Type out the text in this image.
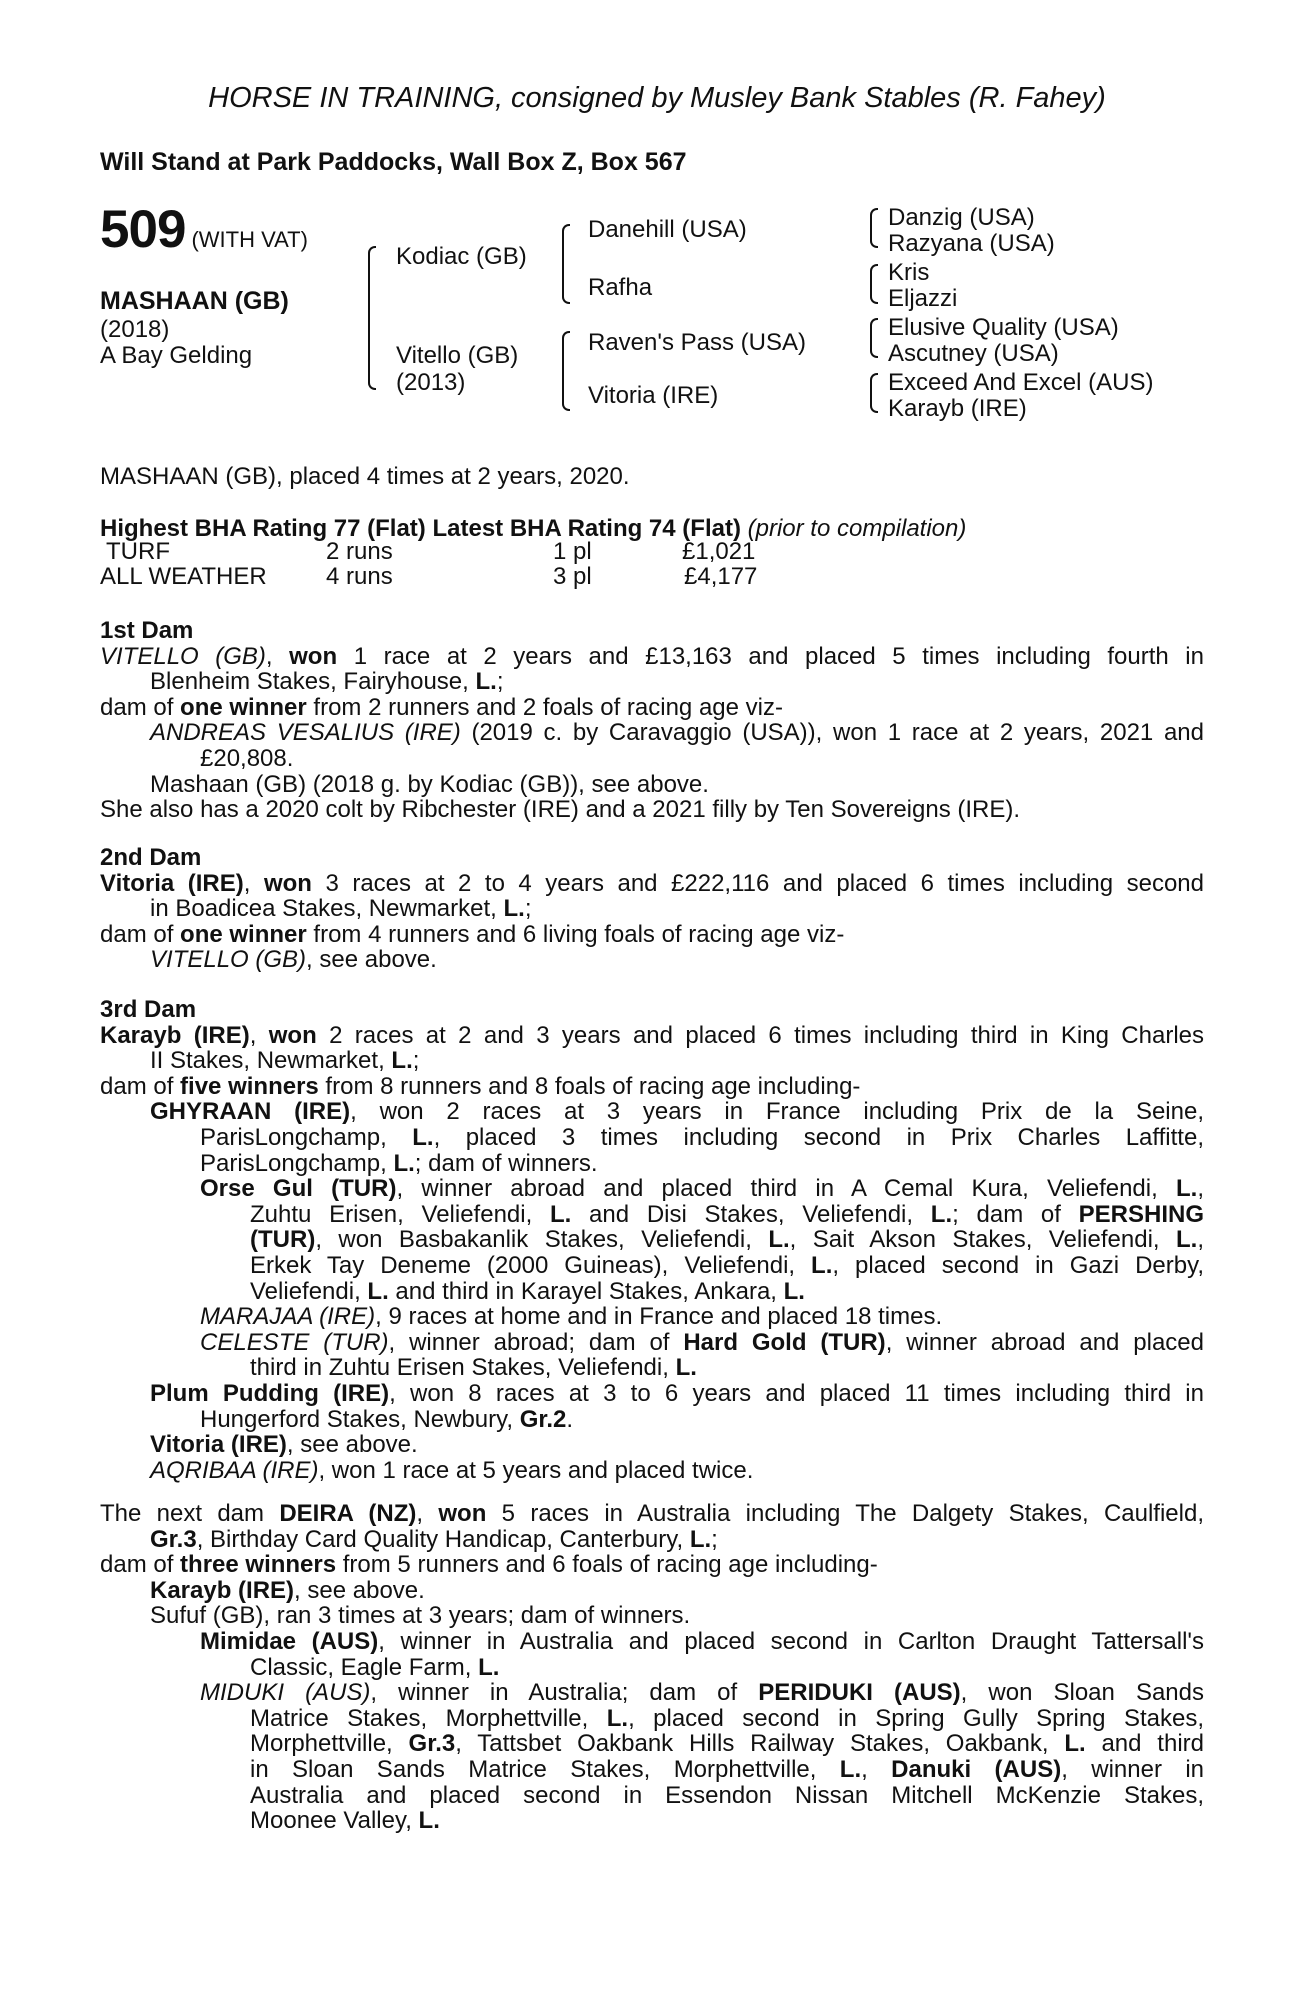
HORSE IN TRAINING, consigned by Musley Bank Stables (R. Fahey)
Will Stand at Park Paddocks, Wall Box Z, Box 567
509 (WITH VAT)
MASHAAN (GB)
(2018)
A Bay Gelding
Kodiac (GB)
Vitello (GB)
(2013)
Danehill (USA)
Rafha
Raven's Pass (USA)
Vitoria (IRE)
Danzig (USA)
Razyana (USA)
Kris
Eljazzi
Elusive Quality (USA)
Ascutney (USA)
Exceed And Excel (AUS)
Karayb (IRE)
MASHAAN (GB), placed 4 times at 2 years, 2020.
Highest BHA Rating 77 (Flat) Latest BHA Rating 74 (Flat) (prior to compilation)
TURF	2 runs	1 pl	£1,021
ALL WEATHER 4 runs	3 pl	£4,177
1st Dam
VITELLO (GB), won 1 race at 2 years and £13,163 and placed 5 times including fourth in
Blenheim Stakes, Fairyhouse, L.;
dam of one winner from 2 runners and 2 foals of racing age viz-
ANDREAS VESALIUS (IRE) (2019 c. by Caravaggio (USA)), won 1 race at 2 years, 2021 and
£20,808.
Mashaan (GB) (2018 g. by Kodiac (GB)), see above.
She also has a 2020 colt by Ribchester (IRE) and a 2021 filly by Ten Sovereigns (IRE).
2nd Dam
Vitoria (IRE), won 3 races at 2 to 4 years and £222,116 and placed 6 times including second
in Boadicea Stakes, Newmarket, L.;
dam of one winner from 4 runners and 6 living foals of racing age viz-
VITELLO (GB), see above.
3rd Dam
Karayb (IRE), won 2 races at 2 and 3 years and placed 6 times including third in King Charles
II Stakes, Newmarket, L.;
dam of five winners from 8 runners and 8 foals of racing age including-
GHYRAAN (IRE), won 2 races at 3 years in France including Prix de la Seine,
ParisLongchamp, L., placed 3 times including second in Prix Charles Laffitte,
ParisLongchamp, L.; dam of winners.
Orse Gul (TUR), winner abroad and placed third in A Cemal Kura, Veliefendi, L.,
Zuhtu Erisen, Veliefendi, L. and Disi Stakes, Veliefendi, L.; dam of PERSHING
(TUR), won Basbakanlik Stakes, Veliefendi, L., Sait Akson Stakes, Veliefendi, L.,
Erkek Tay Deneme (2000 Guineas), Veliefendi, L., placed second in Gazi Derby,
Veliefendi, L. and third in Karayel Stakes, Ankara, L.
MARAJAA (IRE), 9 races at home and in France and placed 18 times.
CELESTE (TUR), winner abroad; dam of Hard Gold (TUR), winner abroad and placed
third in Zuhtu Erisen Stakes, Veliefendi, L.
Plum Pudding (IRE), won 8 races at 3 to 6 years and placed 11 times including third in
Hungerford Stakes, Newbury, Gr.2.
Vitoria (IRE), see above.
AQRIBAA (IRE), won 1 race at 5 years and placed twice.
The next dam DEIRA (NZ), won 5 races in Australia including The Dalgety Stakes, Caulfield,
Gr.3, Birthday Card Quality Handicap, Canterbury, L.;
dam of three winners from 5 runners and 6 foals of racing age including-
Karayb (IRE), see above.
Sufuf (GB), ran 3 times at 3 years; dam of winners.
Mimidae (AUS), winner in Australia and placed second in Carlton Draught Tattersall's
Classic, Eagle Farm, L.
MIDUKI (AUS), winner in Australia; dam of PERIDUKI (AUS), won Sloan Sands
Matrice Stakes, Morphettville, L., placed second in Spring Gully Spring Stakes,
Morphettville, Gr.3, Tattsbet Oakbank Hills Railway Stakes, Oakbank, L. and third
in Sloan Sands Matrice Stakes, Morphettville, L., Danuki (AUS), winner in
Australia and placed second in Essendon Nissan Mitchell McKenzie Stakes,
Moonee Valley, L.
